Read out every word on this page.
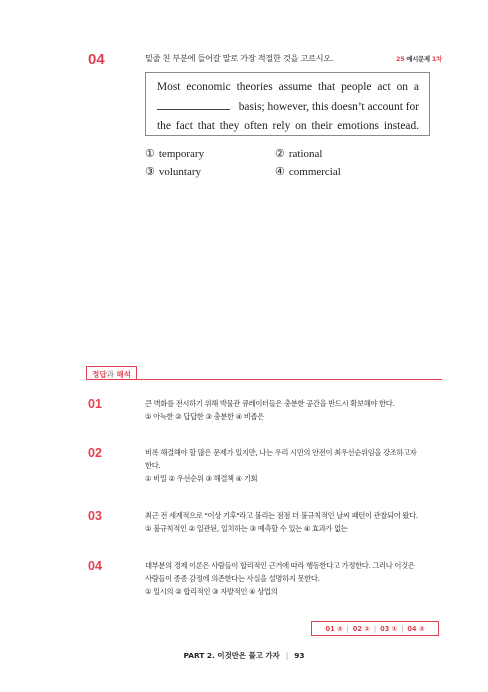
04	밑줄 친 부분에 들어갈 말로 가장 적절한 것을 고르시오.	25 예시문제 1차
Most economic theories assume that people act on a
basis; however, this doesn’t account for
the fact that they often rely on their emotions instead.
① temporary	② rational
③ voluntary	④ commercial
정답과 해석
01	큰 벽화를 전시하기 위해 박물관 큐레이터들은 충분한 공간을 반드시 확보해야 한다.
① 아늑한 ② 답답한 ③ 충분한 ④ 비좁은
02	비록 해결해야 할 많은 문제가 있지만, 나는 우리 시민의 안전이 최우선순위임을 강조하고자
한다.
① 비밀 ② 우선순위 ③ 해결책 ④ 기회
03	최근 전 세계적으로 "이상 기후"라고 불리는 점점 더 불규칙적인 날씨 패턴이 관찰되어 왔다.
① 불규칙적인 ② 일관된, 일치하는 ③ 예측할 수 있는 ④ 효과가 없는
04	대부분의 경제 이론은 사람들이 합리적인 근거에 따라 행동한다고 가정한다. 그러나 이것은
사람들이 종종 감정에 의존한다는 사실을 설명하지 못한다.
① 일시의 ② 합리적인 ③ 자발적인 ④ 상업의
01 ③ | 02 ② | 03 ① | 04 ③
PART 2. 이것만은 풀고 가자 | 93
